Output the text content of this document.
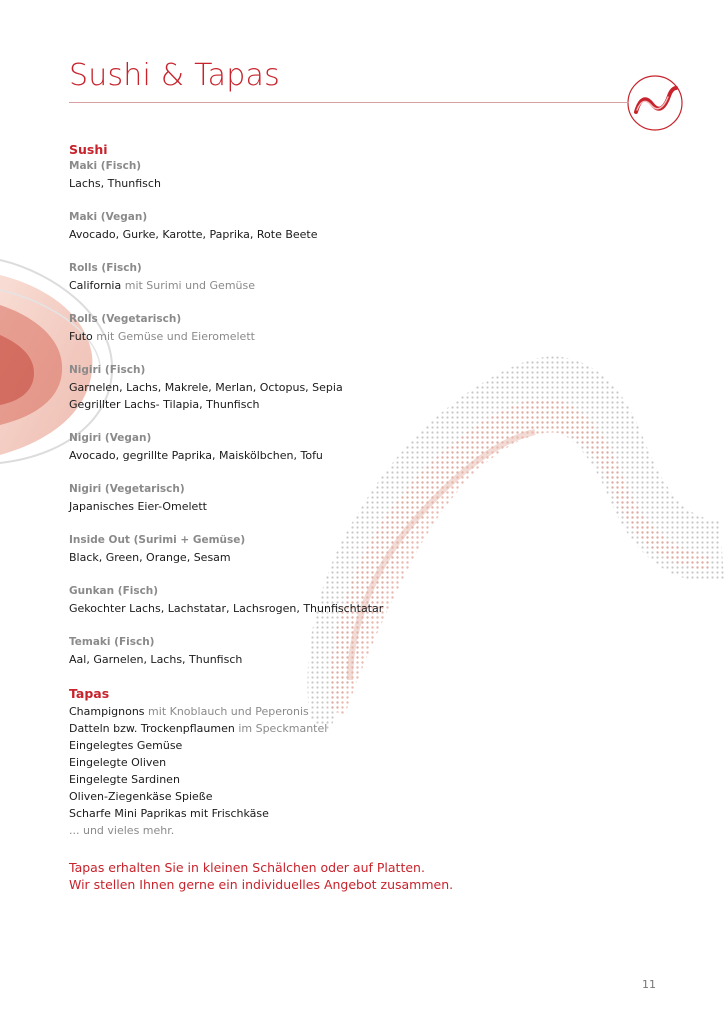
Sushi & Tapas
Sushi
Maki (Fisch)
Lachs, Thunfisch
Maki (Vegan)
Avocado, Gurke, Karotte, Paprika, Rote Beete
Rolls (Fisch)
California mit Surimi und Gemüse
Rolls (Vegetarisch)
Futo mit Gemüse und Eieromelett
Nigiri (Fisch)
Garnelen, Lachs, Makrele, Merlan, Octopus, Sepia
Gegrillter Lachs- Tilapia, Thunfisch
Nigiri (Vegan)
Avocado, gegrillte Paprika, Maiskölbchen, Tofu
Nigiri (Vegetarisch)
Japanisches Eier-Omelett
Inside Out (Surimi + Gemüse)
Black, Green, Orange, Sesam
Gunkan (Fisch)
Gekochter Lachs, Lachstatar, Lachsrogen, Thunfischtatar
Temaki (Fisch)
Aal, Garnelen, Lachs, Thunfisch
Tapas
Champignons mit Knoblauch und Peperonis
Datteln bzw. Trockenpflaumen im Speckmantel
Eingelegtes Gemüse
Eingelegte Oliven
Eingelegte Sardinen
Oliven-Ziegenkäse Spieße
Scharfe Mini Paprikas mit Frischkäse
... und vieles mehr.
Tapas erhalten Sie in kleinen Schälchen oder auf Platten.
Wir stellen Ihnen gerne ein individuelles Angebot zusammen.
11
